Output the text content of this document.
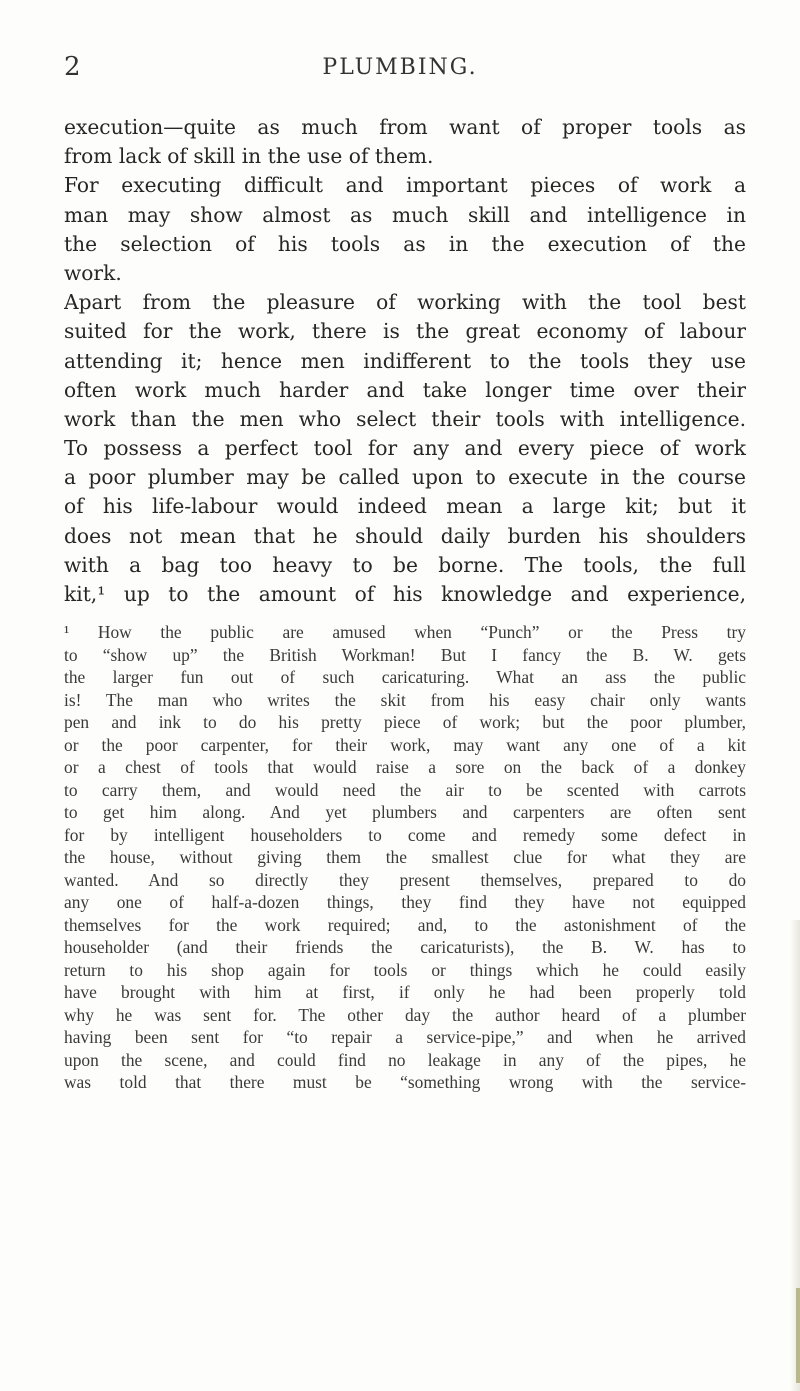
2	PLUMBING.
execution—quite as much from want of proper tools as
from lack of skill in the use of them.
For executing difficult and important pieces of work a
man may show almost as much skill and intelligence in
the selection of his tools as in the execution of the
work.
Apart from the pleasure of working with the tool best
suited for the work, there is the great economy of labour
attending it; hence men indifferent to the tools they use
often work much harder and take longer time over their
work than the men who select their tools with intelligence.
To possess a perfect tool for any and every piece of work
a poor plumber may be called upon to execute in the course
of his life-labour would indeed mean a large kit; but it
does not mean that he should daily burden his shoulders
with a bag too heavy to be borne. The tools, the full
kit,¹ up to the amount of his knowledge and experience,
¹ How the public are amused when “Punch” or the Press try
to “show up” the British Workman! But I fancy the B. W. gets
the larger fun out of such caricaturing. What an ass the public
is! The man who writes the skit from his easy chair only wants
pen and ink to do his pretty piece of work; but the poor plumber,
or the poor carpenter, for their work, may want any one of a kit
or a chest of tools that would raise a sore on the back of a donkey
to carry them, and would need the air to be scented with carrots
to get him along. And yet plumbers and carpenters are often sent
for by intelligent householders to come and remedy some defect in
the house, without giving them the smallest clue for what they are
wanted. And so directly they present themselves, prepared to do
any one of half-a-dozen things, they find they have not equipped
themselves for the work required; and, to the astonishment of the
householder (and their friends the caricaturists), the B. W. has to
return to his shop again for tools or things which he could easily
have brought with him at first, if only he had been properly told
why he was sent for. The other day the author heard of a plumber
having been sent for “to repair a service-pipe,” and when he arrived
upon the scene, and could find no leakage in any of the pipes, he
was told that there must be “something wrong with the service-
